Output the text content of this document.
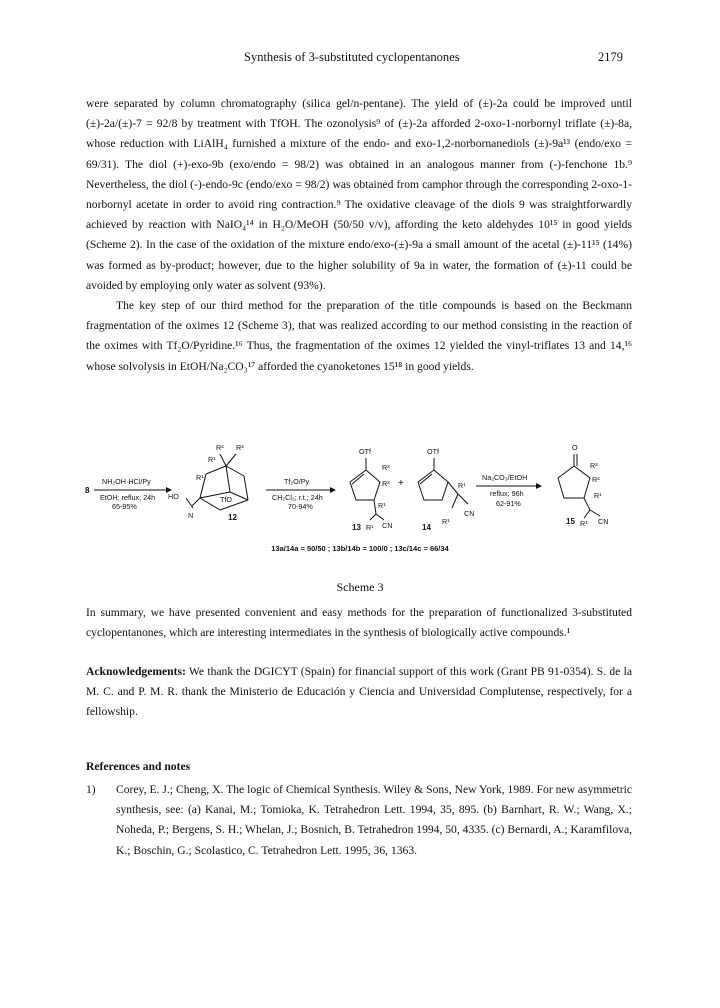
Synthesis of 3-substituted cyclopentanones	2179

were separated by column chromatography (silica gel/n-pentane). The yield of (±)-2a could be improved until (±)-2a/(±)-7 = 92/8 by treatment with TfOH. The ozonolysis⁹ of (±)-2a afforded 2-oxo-1-norbornyl triflate (±)-8a, whose reduction with LiAlH₄ furnished a mixture of the endo- and exo-1,2-norbornanediols (±)-9a¹³ (endo/exo = 69/31). The diol (+)-exo-9b (exo/endo = 98/2) was obtained in an analogous manner from (-)-fenchone 1b.⁹ Nevertheless, the diol (-)-endo-9c (endo/exo = 98/2) was obtained from camphor through the corresponding 2-oxo-1-norbornyl acetate in order to avoid ring contraction.⁹ The oxidative cleavage of the diols 9 was straightforwardly achieved by reaction with NaIO₄¹⁴ in H₂O/MeOH (50/50 v/v), affording the keto aldehydes 10¹⁵ in good yields (Scheme 2). In the case of the oxidation of the mixture endo/exo-(±)-9a a small amount of the acetal (±)-11¹⁵ (14%) was formed as by-product; however, due to the higher solubility of 9a in water, the formation of (±)-11 could be avoided by employing only water as solvent (93%).

The key step of our third method for the preparation of the title compounds is based on the Beckmann fragmentation of the oximes 12 (Scheme 3), that was realized according to our method consisting in the reaction of the oximes with Tf₂O/Pyridine.¹⁶ Thus, the fragmentation of the oximes 12 yielded the vinyl-triflates 13 and 14,¹⁶ whose solvolysis in EtOH/Na₂CO₃¹⁷ afforded the cyanoketones 15¹⁸ in good yields.

8
NH₂OH·HCl/Py
EtOH; reflux; 24h
65-95%
R² R²
R¹
R¹
HO
N
TfO
12
Tf₂O/Py
CH₂Cl₂; r.t.; 24h
70-94%
OTf
R²
R²
R¹
R¹ CN
13
+
OTf
R¹
R¹
CN
14
Na₂CO₃/EtOH
reflux; 96h
62-91%
O
R²
R²
R¹
R¹ CN
15
13a/14a = 50/50 ; 13b/14b = 100/0 ; 13c/14c = 66/34
Scheme 3
In summary, we have presented convenient and easy methods for the preparation of functionalized 3-substituted cyclopentanones, which are interesting intermediates in the synthesis of biologically active compounds.¹
Acknowledgements: We thank the DGICYT (Spain) for financial support of this work (Grant PB 91-0354). S. de la M. C. and P. M. R. thank the Ministerio de Educación y Ciencia and Universidad Complutense, respectively, for a fellowship.
References and notes
1) Corey, E. J.; Cheng, X. The logic of Chemical Synthesis. Wiley & Sons, New York, 1989. For new asymmetric synthesis, see: (a) Kanai, M.; Tomioka, K. Tetrahedron Lett. 1994, 35, 895. (b) Barnhart, R. W.; Wang, X.; Noheda, P.; Bergens, S. H.; Whelan, J.; Bosnich, B. Tetrahedron 1994, 50, 4335. (c) Bernardi, A.; Karamfilova, K.; Boschin, G.; Scolastico, C. Tetrahedron Lett. 1995, 36, 1363.
